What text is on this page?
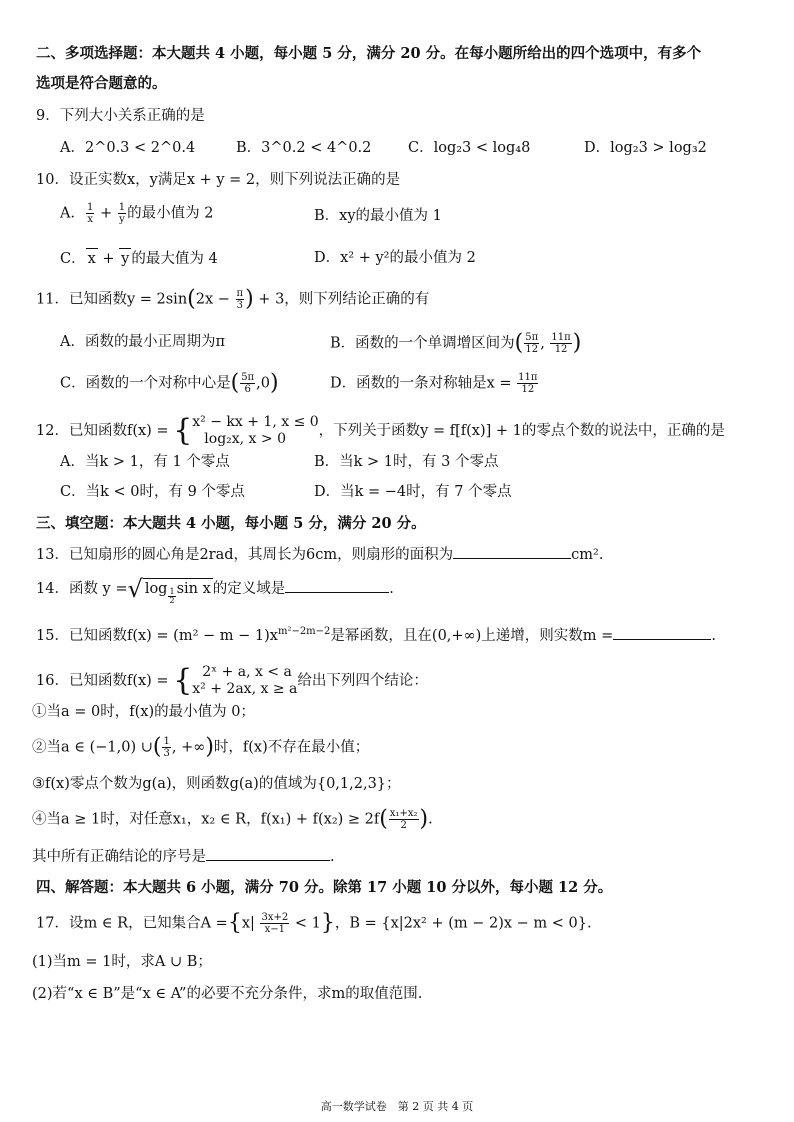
二、多项选择题：本大题共 4 小题，每小题 5 分，满分 20 分。在每小题所给出的四个选项中，有多个
选项是符合题意的。
9．下列大小关系正确的是
A．2^0.3 < 2^0.4	B．3^0.2 < 4^0.2	C．log₂3 < log₄8	D．log₂3 > log₃2
10．设正实数x，y满足x + y = 2，则下列说法正确的是
A． $\frac{1}{x} + \frac{1}{y}$ 的最小值为 2	B．xy的最小值为 1
C． x + y 的最大值为 4	D．x² + y²的最小值为 2
11．已知函数$y = 2\sin(2x - \frac{\pi}{3}$ ) + 3，则下列结论正确的有
A．函数的最小正周期为π	B．函数的一个单调增区间为( $\frac{5\pi}{12}$ , $\frac{11\pi}{12}$ )
C．函数的一个对称中心是( $\frac{5\pi}{6} ,0$)	D．函数的一条对称轴是$x = \frac{11\pi}{12}$
12．已知函数f(x) = { x² − kx + 1, x ≤ 0
log₂x, x > 0	，下列关于函数y = f[f(x)] + 1的零点个数的说法中，正确的是
A．当k > 1，有 1 个零点	B．当k > 1时，有 3 个零点
C．当k < 0时，有 9 个零点	D．当k = −4时，有 7 个零点
三、填空题：本大题共 4 小题，每小题 5 分，满分 20 分。
13．已知扇形的圆心角是2rad，其周长为6cm，则扇形的面积为	cm².
14．函数 y =√ log $_{\frac{1}{2}}$ sin x 的定义域是	.
15．已知函数$f(x) = (m^2 - m - 1)x^{m^2-2m-2}$是幂函数，且在(0,+∞)上递增，则实数m =	.
16．已知函数f(x) = { 2ˣ + a, x < a
x² + 2ax, x ≥ a 给出下列四个结论：
①当a = 0时，f(x)的最小值为 0；
②当a ∈ (−1,0) ∪( $\frac{1}{3}$ , +∞)时，f(x)不存在最小值；
③f(x)零点个数为g(a)，则函数g(a)的值域为{0,1,2,3}；
④当a ≥ 1时，对任意x₁，x₂ ∈ R，$f(x_1) + f(x_2) \ge 2f( \frac{\text{x₁+x₂}}{2}$ ).
其中所有正确结论的序号是	.
四、解答题：本大题共 6 小题，满分 70 分。除第 17 小题 10 分以外，每小题 12 分。
17．设m ∈ R，已知集合$A =\{x| \frac{3x+2}{x-1} < 1\}$，B = {x|2x² + (m − 2)x − m < 0}.
(1)当m = 1时，求A ∪ B；
(2)若“x ∈ B”是“x ∈ A”的必要不充分条件，求m的取值范围.
高一数学试卷　第 2 页 共 4 页
